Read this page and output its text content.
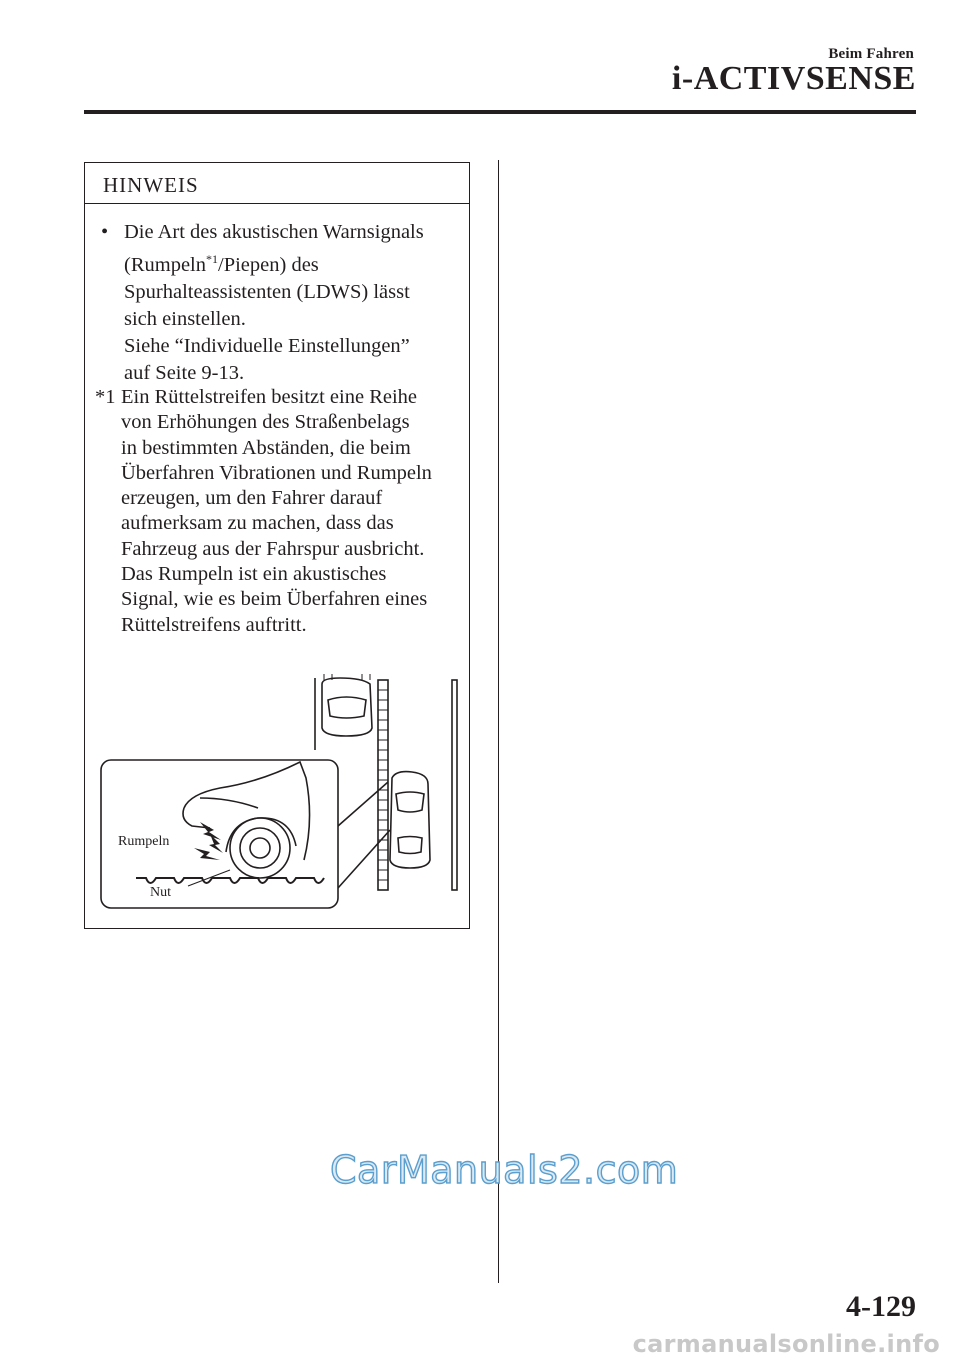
Beim Fahren
i-ACTIVSENSE
HINWEIS
• Die Art des akustischen Warnsignals
(Rumpeln$^{*1}$/Piepen) des
Spurhalteassistenten (LDWS) lässt
sich einstellen.
Siehe “Individuelle Einstellungen”
auf Seite 9-13.
*1 Ein Rüttelstreifen besitzt eine Reihe
von Erhöhungen des Straßenbelags
in bestimmten Abständen, die beim
Überfahren Vibrationen und Rumpeln
erzeugen, um den Fahrer darauf
aufmerksam zu machen, dass das
Fahrzeug aus der Fahrspur ausbricht.
Das Rumpeln ist ein akustisches
Signal, wie es beim Überfahren eines
Rüttelstreifens auftritt.
Rumpeln
Nut
4-129
CarManuals2.com
carmanualsonline.info
